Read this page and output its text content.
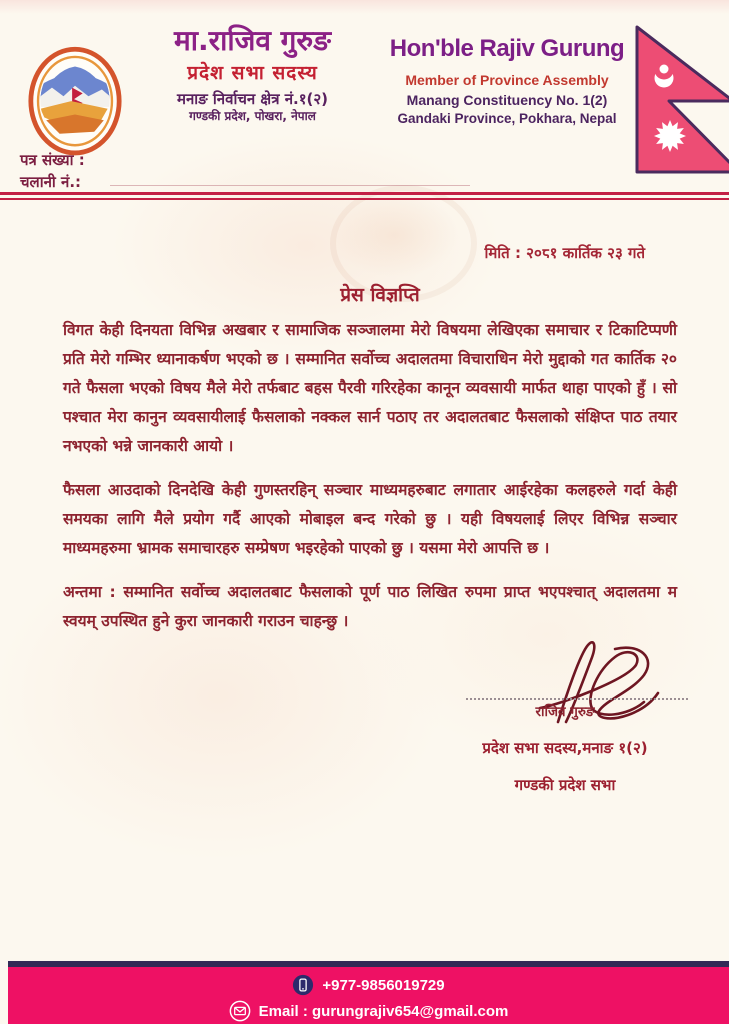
मा.राजिव गुरुङ

प्रदेश सभा सदस्य

मनाङ निर्वाचन क्षेत्र नं.१(२)

गण्डकी प्रदेश, पोखरा, नेपाल

Hon'ble Rajiv Gurung

Member of Province Assembly

Manang Constituency No. 1(2)

Gandaki Province, Pokhara, Nepal

पत्र संख्या :
चलानी नं.:
मिति : २०८१ कार्तिक २३ गते
प्रेस विज्ञप्ति

विगत केही दिनयता विभिन्न अखबार र सामाजिक सञ्जालमा मेरो विषयमा लेखिएका समाचार र टिकाटिप्पणी प्रति मेरो गम्भिर ध्यानाकर्षण भएको छ । सम्मानित सर्वोच्च अदालतमा विचाराधिन मेरो मुद्दाको गत कार्तिक २० गते फैसला भएको विषय मैले मेरो तर्फबाट बहस पैरवी गरिरहेका कानून व्यवसायी मार्फत थाहा पाएको हुँ । सो पश्चात मेरा कानुन व्यवसायीलाई फैसलाको नक्कल सार्न पठाए तर अदालतबाट फैसलाको संक्षिप्त पाठ तयार नभएको भन्ने जानकारी आयो ।

फैसला आउदाको दिनदेखि केही गुणस्तरहिन् सञ्चार माध्यमहरुबाट लगातार आईरहेका कलहरुले गर्दा केही समयका लागि मैले प्रयोग गर्दै आएको मोबाइल बन्द गरेको छु । यही विषयलाई लिएर विभिन्न सञ्चार माध्यमहरुमा भ्रामक समाचारहरु सम्प्रेषण भइरहेको पाएको छु । यसमा मेरो आपत्ति छ ।

अन्तमा : सम्मानित सर्वोच्च अदालतबाट फैसलाको पूर्ण पाठ लिखित रुपमा प्राप्त भएपश्चात् अदालतमा म स्वयम् उपस्थित हुने कुरा जानकारी गराउन चाहन्छु ।

राजिव गुरुङ
प्रदेश सभा सदस्य,मनाङ १(२)
गण्डकी प्रदेश सभा
+977-9856019729
Email : gurungrajiv654@gmail.com
